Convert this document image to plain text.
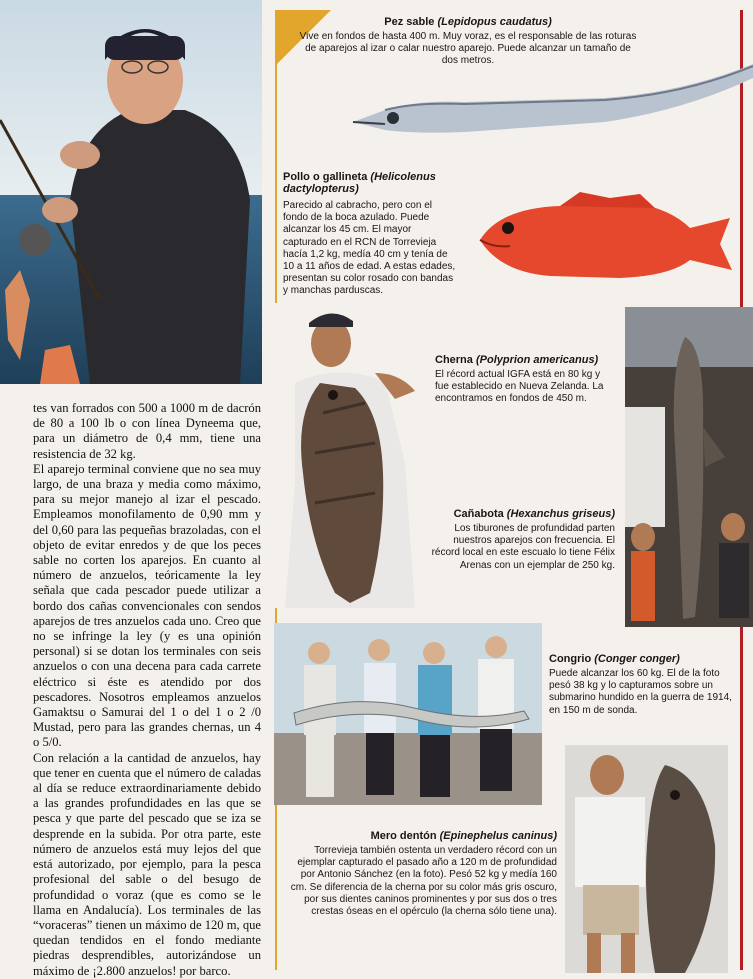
tes van forrados con 500 a 1000 m de dacrón de 80 a 100 lb o con línea Dyneema que, para un diámetro de 0,4 mm, tiene una resistencia de 32 kg.

El aparejo terminal conviene que no sea muy largo, de una braza y media como máximo, para su mejor manejo al izar el pescado. Empleamos monofilamento de 0,90 mm y del 0,60 para las pequeñas brazoladas, con el objeto de evitar enredos y de que los peces sable no corten los aparejos. En cuanto al número de anzuelos, teóricamente la ley señala que cada pescador puede utilizar a bordo dos cañas convencionales con sendos aparejos de tres anzuelos cada uno. Creo que no se infringe la ley (y es una opinión personal) si se dotan los terminales con seis anzuelos o con una decena para cada carrete eléctrico si éste es atendido por dos pescadores. Nosotros empleamos anzuelos Gamaktsu o Samurai del 1 o del 1 o 2 /0 Mustad, pero para las grandes chernas, un 4 o 5/0.

Con relación a la cantidad de anzuelos, hay que tener en cuenta que el número de caladas al día se reduce extraordinariamente debido a las grandes profundidades en las que se pesca y que parte del pescado que se iza se desprende en la subida. Por otra parte, este número de anzuelos está muy lejos del que está autorizado, por ejemplo, para la pesca profesional del sable o del besugo de profundidad o voraz (que es como se le llama en Andalucía). Los terminales de las “voraceras” tienen un máximo de 120 m, que quedan tendidos en el fondo mediante piedras desprendibles, autorizándose un máximo de ¡2.800 anzuelos! por barco.

Pez sable (Lepidopus caudatus)
Vive en fondos de hasta 400 m. Muy voraz, es el responsable de las roturas de aparejos al izar o calar nuestro aparejo. Puede alcanzar un tamaño de dos metros.
Pollo o gallineta (Helicolenus dactylopterus)
Parecido al cabracho, pero con el fondo de la boca azulado. Puede alcanzar los 45 cm. El mayor capturado en el RCN de Torrevieja hacía 1,2 kg, medía 40 cm y tenía de 10 a 11 años de edad. A estas edades, presentan su color rosado con bandas y manchas parduscas.
Cherna (Polyprion americanus)
El récord actual IGFA está en 80 kg y fue establecido en Nueva Zelanda. La encontramos en fondos de 450 m.
Cañabota (Hexanchus griseus)
Los tiburones de profundidad parten nuestros aparejos con frecuencia. El récord local en este escualo lo tiene Félix Arenas con un ejemplar de 250 kg.
Congrio (Conger conger)
Puede alcanzar los 60 kg. El de la foto pesó 38 kg y lo capturamos sobre un submarino hundido en la guerra de 1914, en 150 m de sonda.
Mero dentón (Epinephelus caninus)
Torrevieja también ostenta un verdadero récord con un ejemplar capturado el pasado año a 120 m de profundidad por Antonio Sánchez (en la foto). Pesó 52 kg y medía 160 cm. Se diferencia de la cherna por su color más gris oscuro, por sus dientes caninos prominentes y por sus dos o tres crestas óseas en el opérculo (la cherna sólo tiene una).
